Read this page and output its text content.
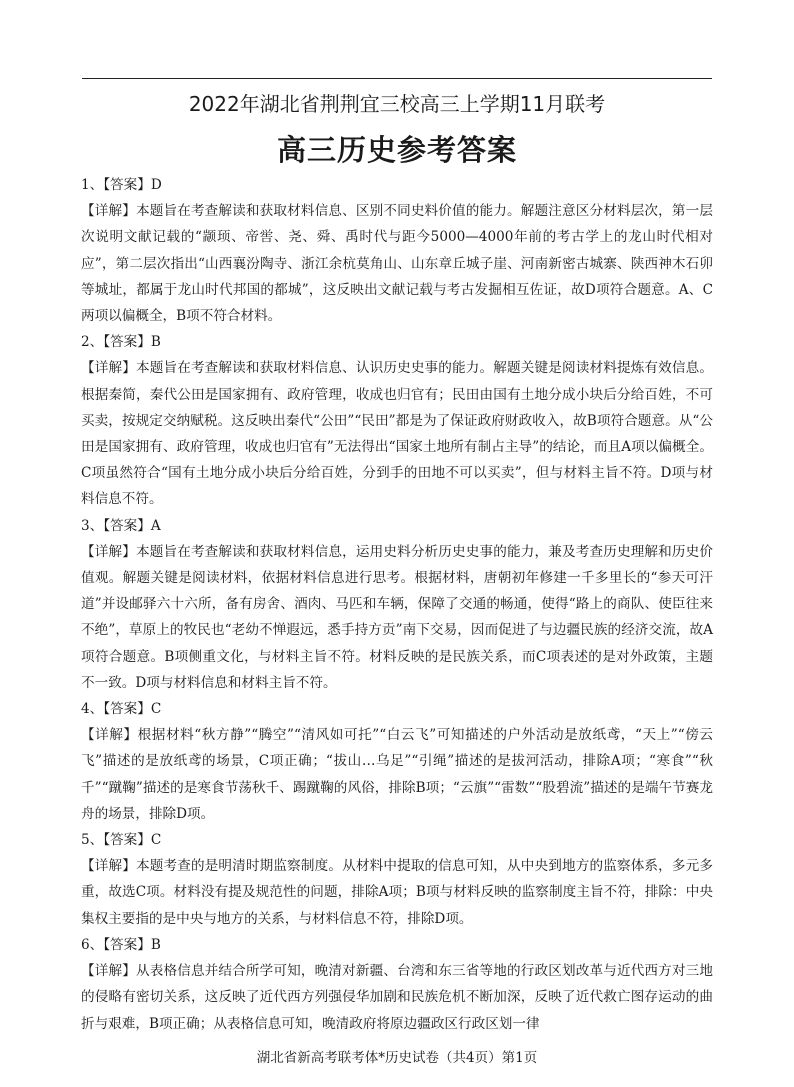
2022年湖北省荆荆宜三校高三上学期11月联考
高三历史参考答案

1、【答案】D

【详解】本题旨在考查解读和获取材料信息、区别不同史料价值的能力。解题注意区分材料层次，第一层次说明文献记载的“颛顼、帝喾、尧、舜、禹时代与距今5000—4000年前的考古学上的龙山时代相对应”，第二层次指出“山西襄汾陶寺、浙江余杭莫角山、山东章丘城子崖、河南新密古城寨、陕西神木石卯等城址，都属于龙山时代邦国的都城”，这反映出文献记载与考古发掘相互佐证，故D项符合题意。A、C两项以偏概全，B项不符合材料。

2、【答案】B

【详解】本题旨在考查解读和获取材料信息、认识历史史事的能力。解题关键是阅读材料提炼有效信息。根据秦简，秦代公田是国家拥有、政府管理，收成也归官有；民田由国有土地分成小块后分给百姓，不可买卖，按规定交纳赋税。这反映出秦代“公田”“民田”都是为了保证政府财政收入，故B项符合题意。从“公田是国家拥有、政府管理，收成也归官有”无法得出“国家土地所有制占主导”的结论，而且A项以偏概全。C项虽然符合“国有土地分成小块后分给百姓，分到手的田地不可以买卖”，但与材料主旨不符。D项与材料信息不符。

3、【答案】A

【详解】本题旨在考查解读和获取材料信息，运用史料分析历史史事的能力，兼及考查历史理解和历史价值观。解题关键是阅读材料，依据材料信息进行思考。根据材料，唐朝初年修建一千多里长的“参天可汗道”并设邮驿六十六所，备有房舍、酒肉、马匹和车辆，保障了交通的畅通，使得“路上的商队、使臣往来不绝”，草原上的牧民也“老幼不惮遐远，悉手持方贡”南下交易，因而促进了与边疆民族的经济交流，故A项符合题意。B项侧重文化，与材料主旨不符。材料反映的是民族关系，而C项表述的是对外政策，主题不一致。D项与材料信息和材料主旨不符。

4、【答案】C

【详解】根据材料“秋方静”“腾空”“清风如可托”“白云飞”可知描述的户外活动是放纸鸢，“天上”“傍云飞”描述的是放纸鸢的场景，C项正确；“拔山…乌足”“引绳”描述的是拔河活动，排除A项；“寒食”“秋千”“蹴鞠”描述的是寒食节荡秋千、踢蹴鞠的风俗，排除B项；“云旗”“雷数”“股碧流”描述的是端午节赛龙舟的场景，排除D项。

5、【答案】C

【详解】本题考查的是明清时期监察制度。从材料中提取的信息可知，从中央到地方的监察体系，多元多重，故选C项。材料没有提及规范性的问题，排除A项；B项与材料反映的监察制度主旨不符，排除：中央集权主要指的是中央与地方的关系，与材料信息不符，排除D项。

6、【答案】B

【详解】从表格信息并结合所学可知，晚清对新疆、台湾和东三省等地的行政区划改革与近代西方对三地的侵略有密切关系，这反映了近代西方列强侵华加剧和民族危机不断加深，反映了近代救亡图存运动的曲折与艰难，B项正确；从表格信息可知，晚清政府将原边疆政区行政区划一律

湖北省新高考联考体*历史试卷（共4页）第1页
